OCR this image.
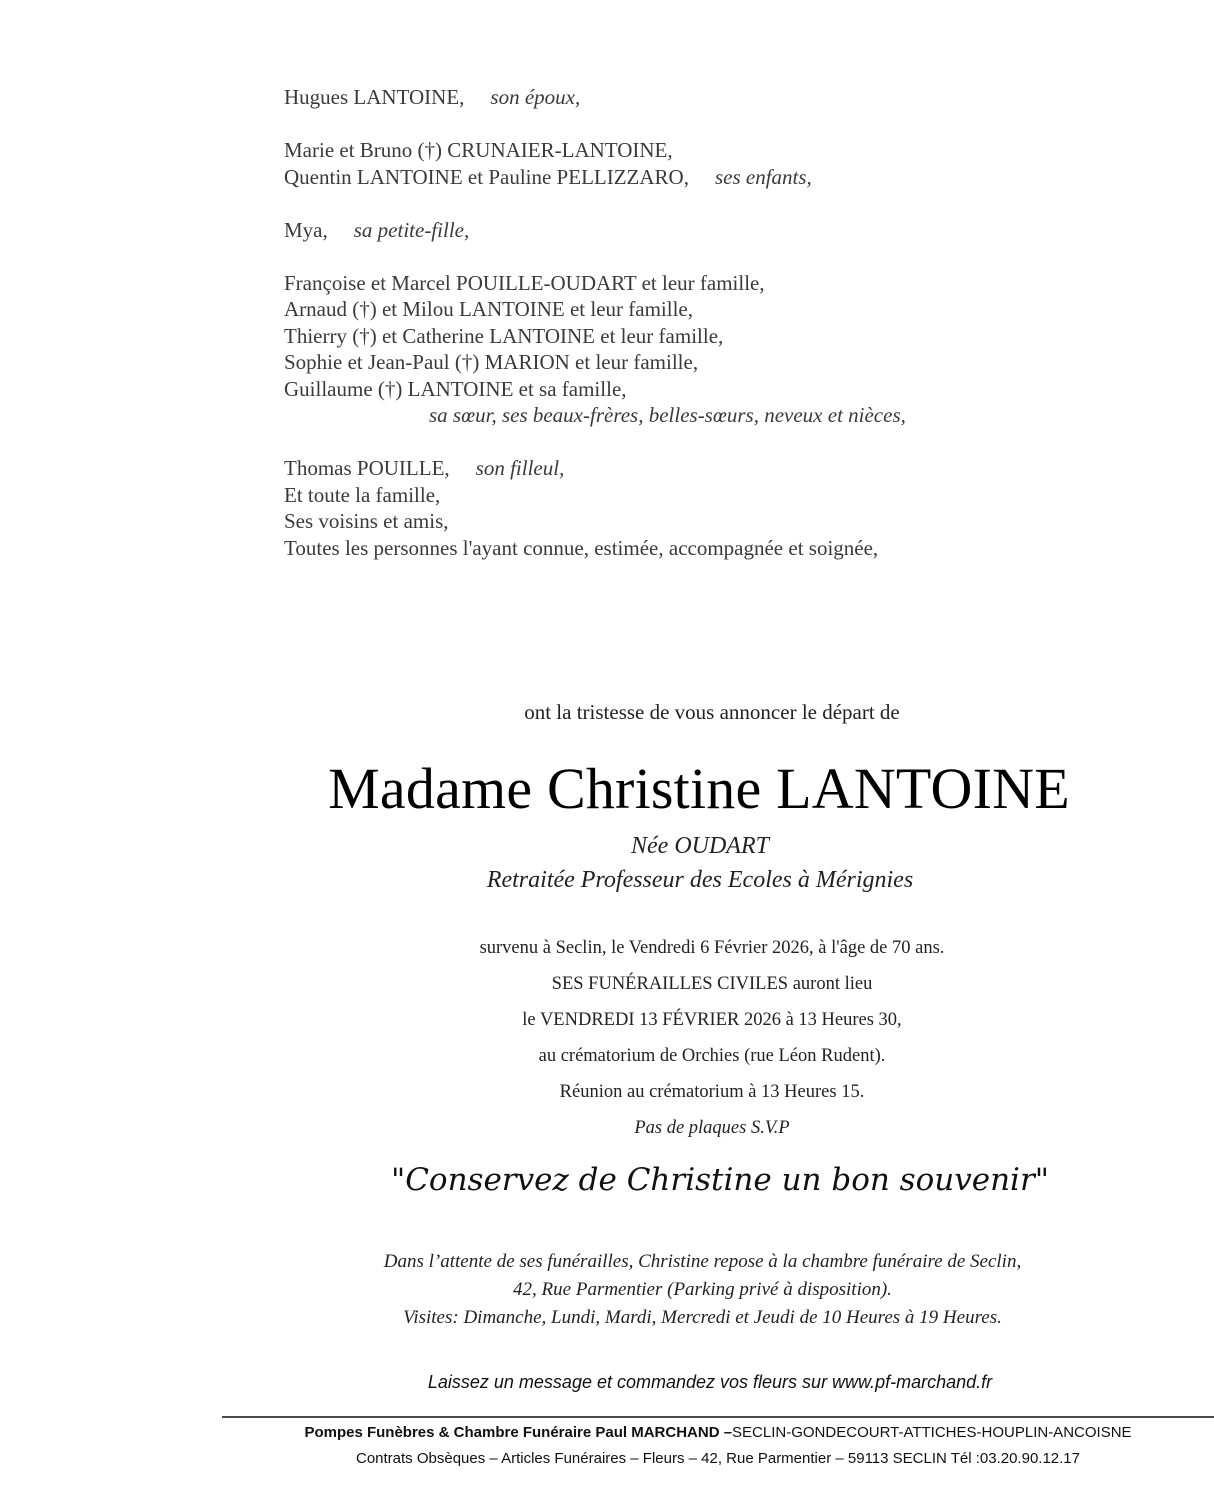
Hugues LANTOINE, son époux,
Marie et Bruno (†) CRUNAIER-LANTOINE,
Quentin LANTOINE et Pauline PELLIZZARO, ses enfants,
Mya, sa petite-fille,
Françoise et Marcel POUILLE-OUDART et leur famille,
Arnaud (†) et Milou LANTOINE et leur famille,
Thierry (†) et Catherine LANTOINE et leur famille,
Sophie et Jean-Paul (†) MARION et leur famille,
Guillaume (†) LANTOINE et sa famille,
sa sœur, ses beaux-frères, belles-sœurs, neveux et nièces,
Thomas POUILLE, son filleul,
Et toute la famille,
Ses voisins et amis,
Toutes les personnes l'ayant connue, estimée, accompagnée et soignée,
ont la tristesse de vous annoncer le départ de
Madame Christine LANTOINE
Née OUDART
Retraitée Professeur des Ecoles à Mérignies
survenu à Seclin, le Vendredi 6 Février 2026, à l'âge de 70 ans.
SES FUNÉRAILLES CIVILES auront lieu
le VENDREDI 13 FÉVRIER 2026 à 13 Heures 30,
au crématorium de Orchies (rue Léon Rudent).
Réunion au crématorium à 13 Heures 15.
Pas de plaques S.V.P
"Conservez de Christine un bon souvenir"
Dans l’attente de ses funérailles, Christine repose à la chambre funéraire de Seclin,
42, Rue Parmentier (Parking privé à disposition).
Visites: Dimanche, Lundi, Mardi, Mercredi et Jeudi de 10 Heures à 19 Heures.
Laissez un message et commandez vos fleurs sur www.pf-marchand.fr
Pompes Funèbres & Chambre Funéraire Paul MARCHAND –SECLIN-GONDECOURT-ATTICHES-HOUPLIN-ANCOISNE
Contrats Obsèques – Articles Funéraires – Fleurs – 42, Rue Parmentier – 59113 SECLIN Tél :03.20.90.12.17
